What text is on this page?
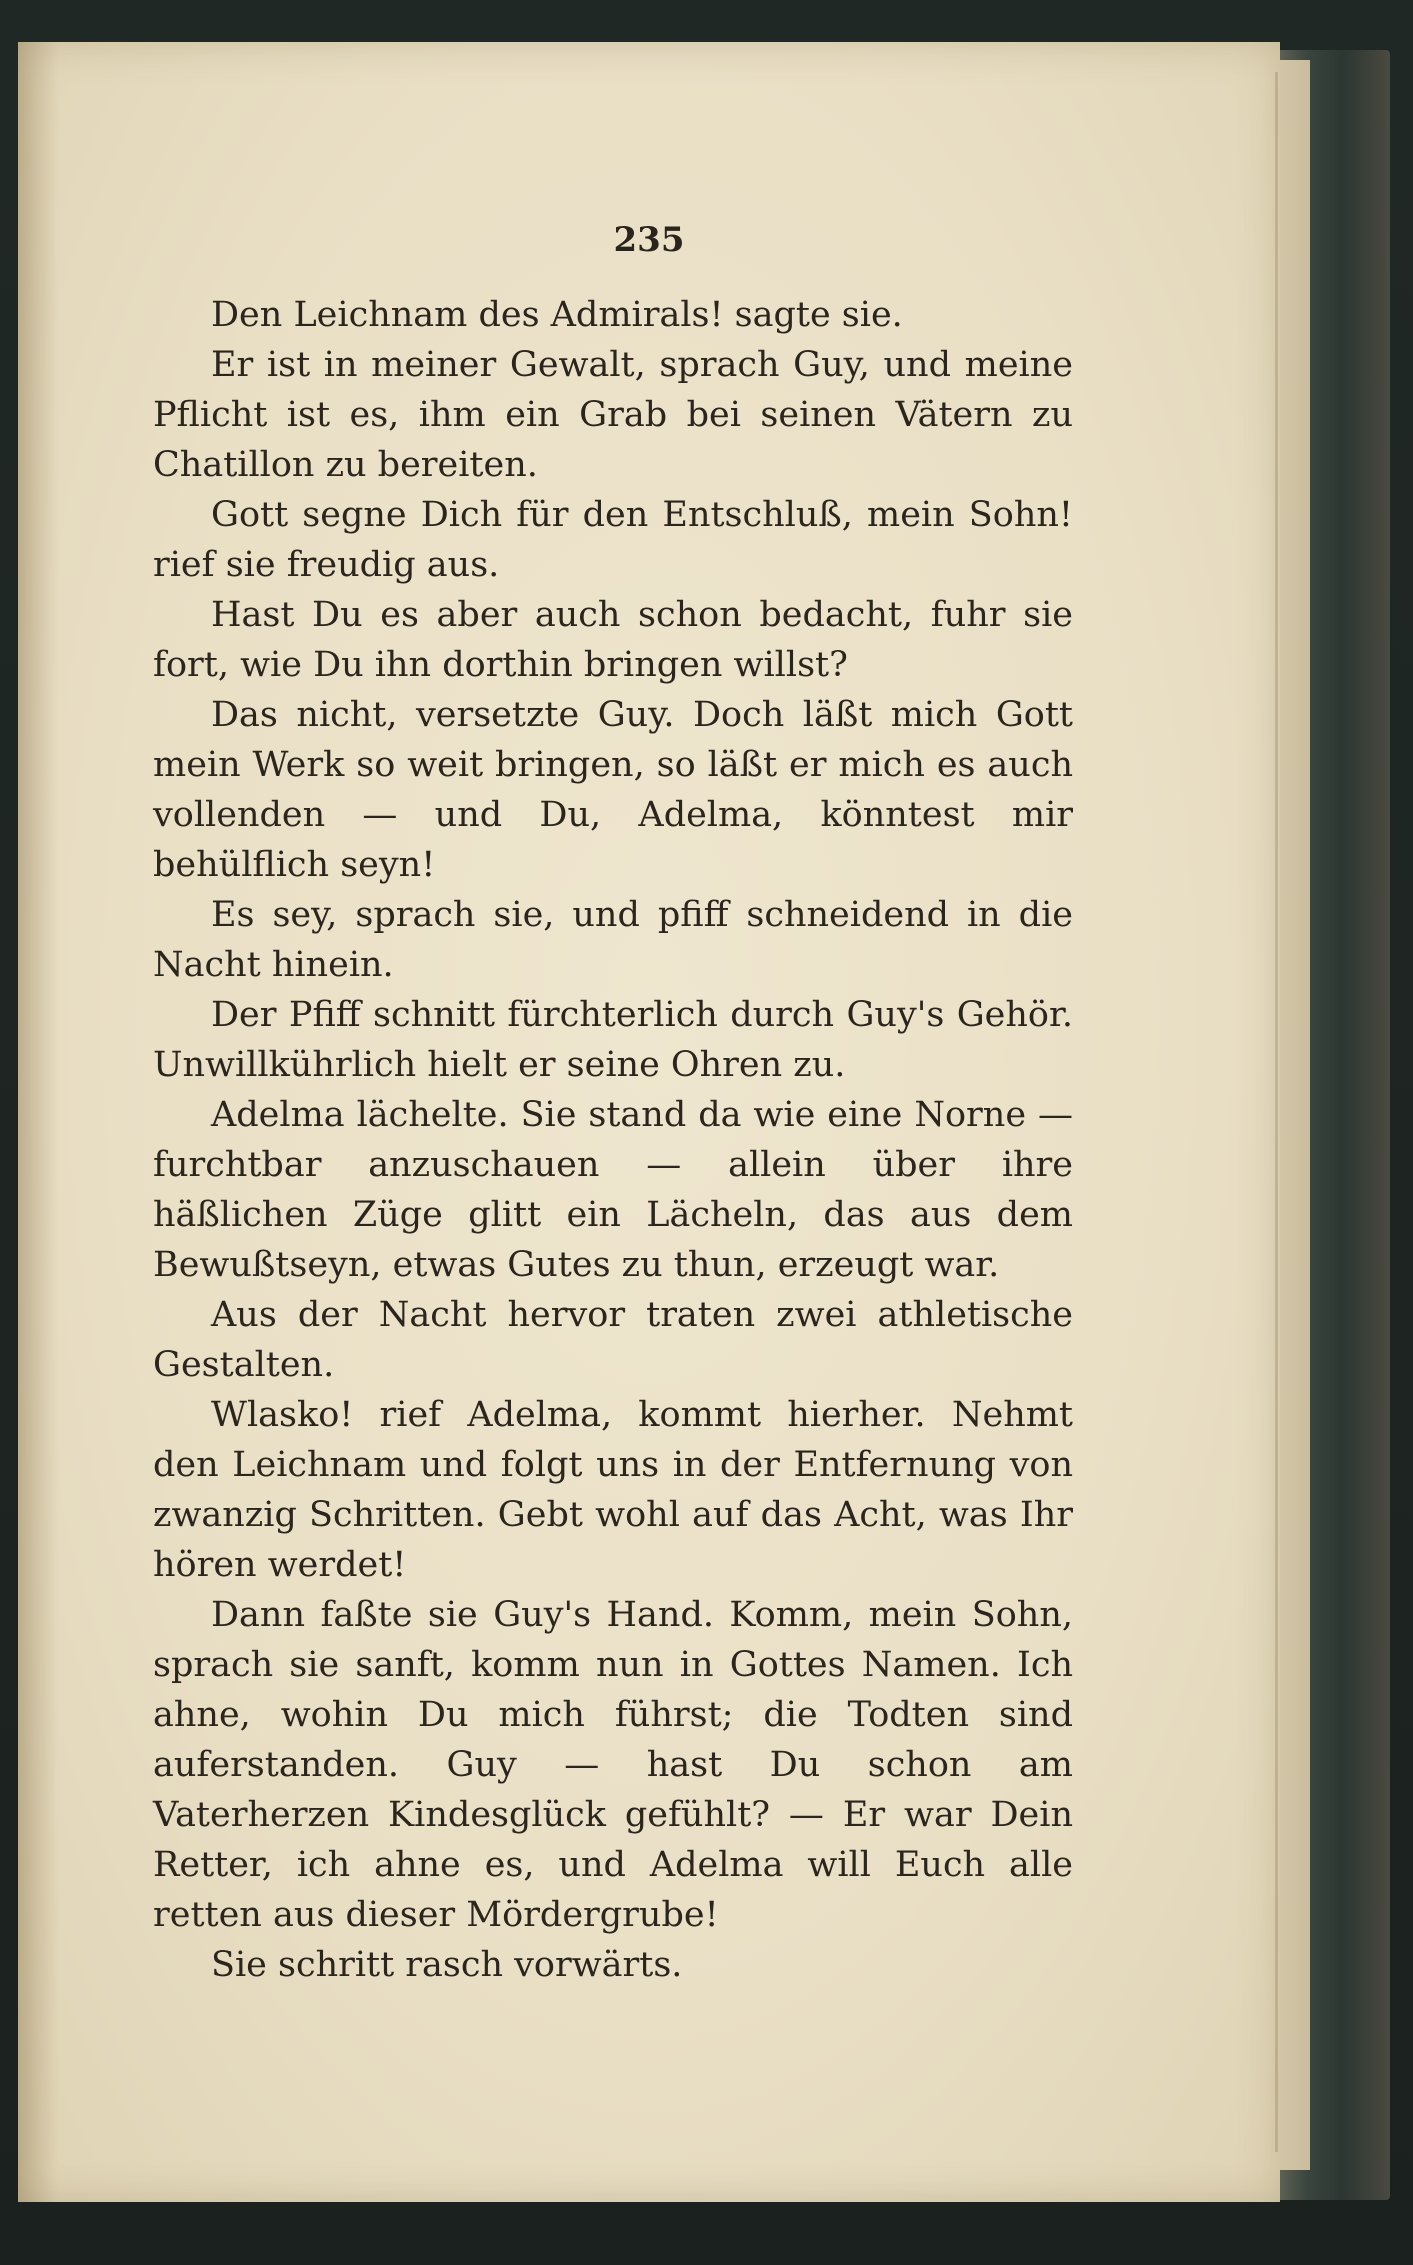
235

Den Leichnam des Admirals! sagte sie.

Er ist in meiner Gewalt, sprach Guy, und meine Pflicht ist es, ihm ein Grab bei seinen Vätern zu Chatillon zu bereiten.

Gott segne Dich für den Entschluß, mein Sohn! rief sie freudig aus.

Hast Du es aber auch schon bedacht, fuhr sie fort, wie Du ihn dorthin bringen willst?

Das nicht, versetzte Guy. Doch läßt mich Gott mein Werk so weit bringen, so läßt er mich es auch vollenden — und Du, Adelma, könntest mir behülflich seyn!

Es sey, sprach sie, und pfiff schneidend in die Nacht hinein.

Der Pfiff schnitt fürchterlich durch Guy's Gehör. Unwillkührlich hielt er seine Ohren zu.

Adelma lächelte. Sie stand da wie eine Norne — furchtbar anzuschauen — allein über ihre häßlichen Züge glitt ein Lächeln, das aus dem Bewußtseyn, etwas Gutes zu thun, erzeugt war.

Aus der Nacht hervor traten zwei athletische Gestalten.

Wlasko! rief Adelma, kommt hierher. Nehmt den Leichnam und folgt uns in der Entfernung von zwanzig Schritten. Gebt wohl auf das Acht, was Ihr hören werdet!

Dann faßte sie Guy's Hand. Komm, mein Sohn, sprach sie sanft, komm nun in Gottes Namen. Ich ahne, wohin Du mich führst; die Todten sind auferstanden. Guy — hast Du schon am Vaterherzen Kindesglück gefühlt? — Er war Dein Retter, ich ahne es, und Adelma will Euch alle retten aus dieser Mördergrube!

Sie schritt rasch vorwärts.
